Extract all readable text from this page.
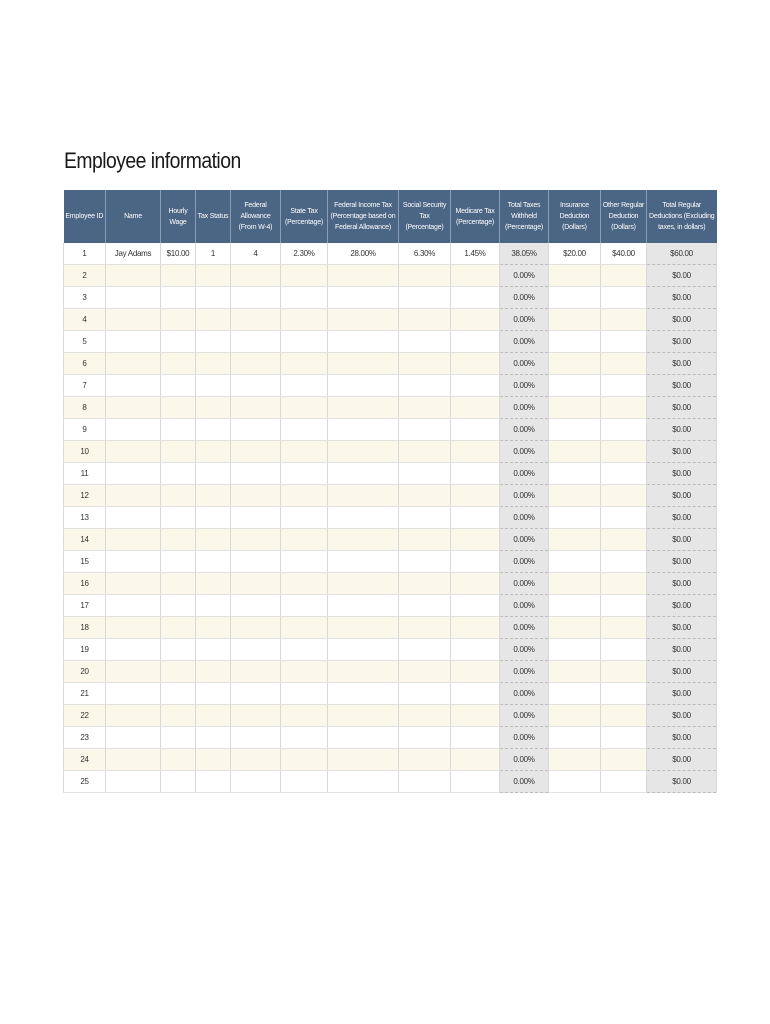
Employee information
Employee ID	Name	Hourly Wage	Tax Status	Federal Allowance (From W-4)	State Tax (Percentage)	Federal Income Tax (Percentage based on Federal Allowance)	Social Security Tax (Percentage)	Medicare Tax (Percentage)	Total Taxes Withheld (Percentage)	Insurance Deduction (Dollars)	Other Regular Deduction (Dollars)	Total Regular Deductions (Excluding taxes, in dollars)
1	Jay Adams	$10.00	1	4	2.30%	28.00%	6.30%	1.45%	38.05%	$20.00	$40.00	$60.00
2									0.00%			$0.00
3									0.00%			$0.00
4									0.00%			$0.00
5									0.00%			$0.00
6									0.00%			$0.00
7									0.00%			$0.00
8									0.00%			$0.00
9									0.00%			$0.00
10									0.00%			$0.00
11									0.00%			$0.00
12									0.00%			$0.00
13									0.00%			$0.00
14									0.00%			$0.00
15									0.00%			$0.00
16									0.00%			$0.00
17									0.00%			$0.00
18									0.00%			$0.00
19									0.00%			$0.00
20									0.00%			$0.00
21									0.00%			$0.00
22									0.00%			$0.00
23									0.00%			$0.00
24									0.00%			$0.00
25									0.00%			$0.00
